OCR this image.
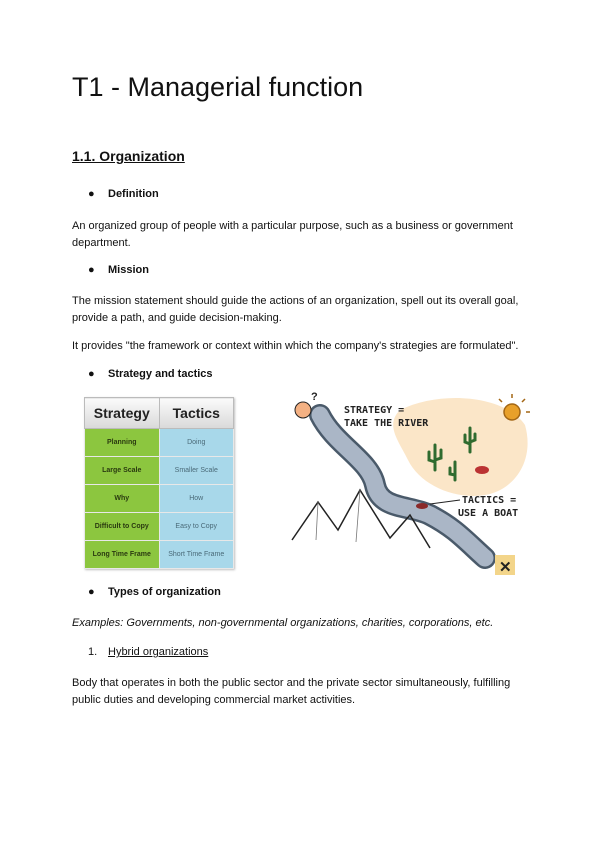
T1 - Managerial function
1.1. Organization
● Definition

An organized group of people with a particular purpose, such as a business or government department.

● Mission

The mission statement should guide the actions of an organization, spell out its overall goal, provide a path, and guide decision-making.

It provides "the framework or context within which the company's strategies are formulated".

● Strategy and tactics
Strategy	Tactics
Planning	Doing
Large Scale	Smaller Scale
Why	How
Difficult to Copy	Easy to Copy
Long Time Frame	Short Time Frame
?
✕
STRATEGY =
TAKE THE RIVER
TACTICS =
USE A BOAT
● Types of organization

Examples: Governments, non-governmental organizations, charities, corporations, etc.

1. Hybrid organizations

Body that operates in both the public sector and the private sector simultaneously, fulfilling public duties and developing commercial market activities.
